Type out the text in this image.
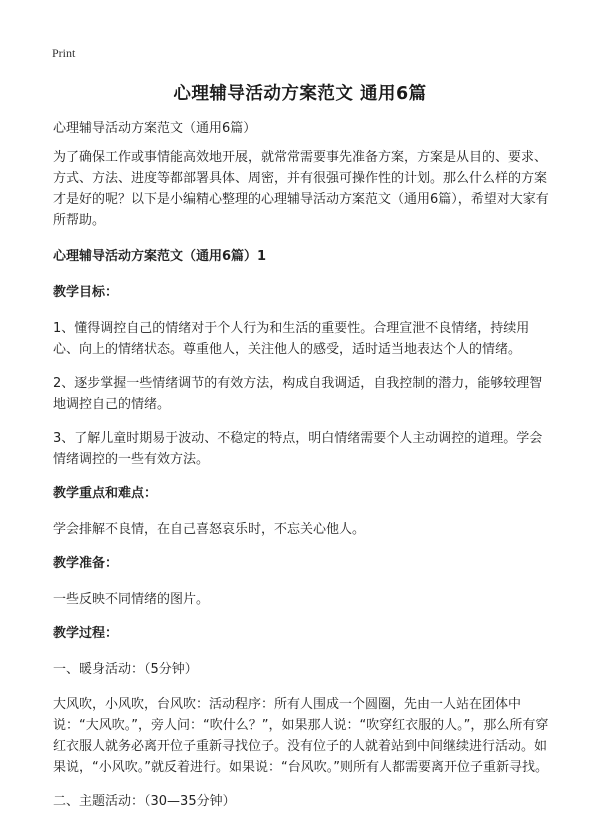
Print
心理辅导活动方案范文 通用6篇

心理辅导活动方案范文（通用6篇）

为了确保工作或事情能高效地开展，就常常需要事先准备方案，方案是从目的、要求、方式、方法、进度等都部署具体、周密，并有很强可操作性的计划。那么什么样的方案才是好的呢？以下是小编精心整理的心理辅导活动方案范文（通用6篇），希望对大家有所帮助。

心理辅导活动方案范文（通用6篇）1

教学目标：

1、懂得调控自己的情绪对于个人行为和生活的重要性。合理宣泄不良情绪，持续用心、向上的情绪状态。尊重他人，关注他人的感受，适时适当地表达个人的情绪。

2、逐步掌握一些情绪调节的有效方法，构成自我调适，自我控制的潜力，能够较理智地调控自己的情绪。

3、了解儿童时期易于波动、不稳定的特点，明白情绪需要个人主动调控的道理。学会情绪调控的一些有效方法。

教学重点和难点：

学会排解不良情，在自己喜怒哀乐时，不忘关心他人。

教学准备：

一些反映不同情绪的图片。

教学过程：

一、暖身活动：（5分钟）

大风吹，小风吹，台风吹：活动程序：所有人围成一个圆圈，先由一人站在团体中说：“大风吹。”，旁人问：“吹什么？”，如果那人说：“吹穿红衣服的人。”，那么所有穿红衣服人就务必离开位子重新寻找位子。没有位子的人就着站到中间继续进行活动。如果说，“小风吹。”就反着进行。如果说：“台风吹。”则所有人都需要离开位子重新寻找。

二、主题活动：（30—35分钟）
